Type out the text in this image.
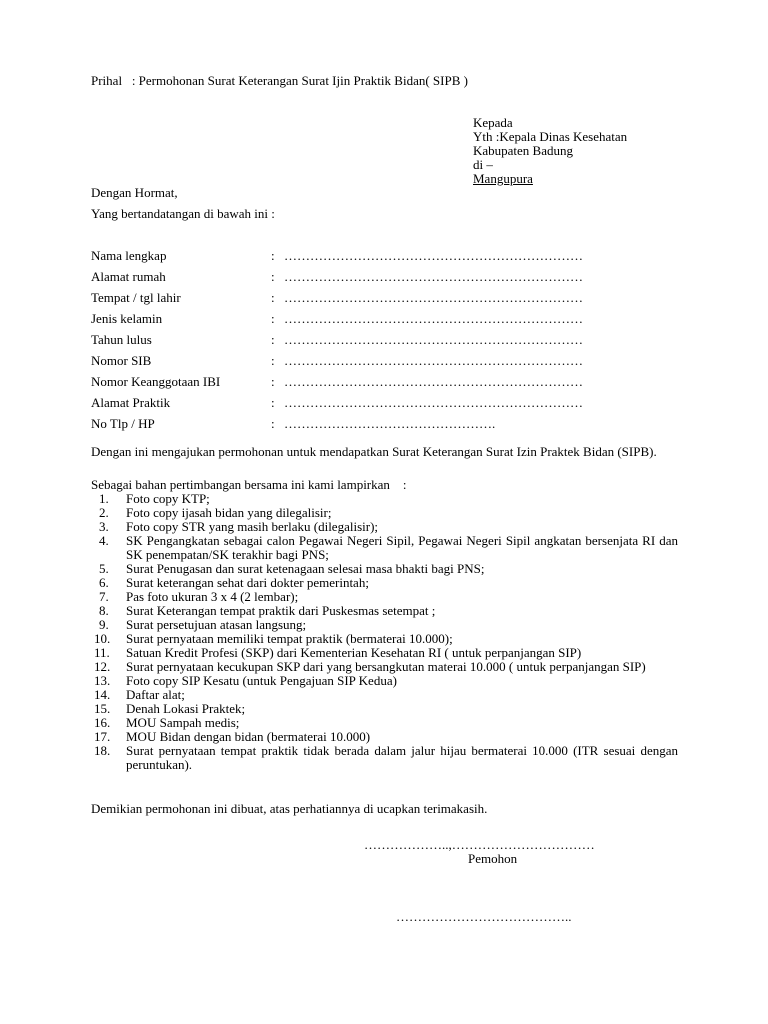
Prihal : Permohonan Surat Keterangan Surat Ijin Praktik Bidan( SIPB )
Kepada
Yth :Kepala Dinas Kesehatan
Kabupaten Badung
di –
Mangupura
Dengan Hormat,
Yang bertandatangan di bawah ini :
Nama lengkap	: ……………………………………………………………
Alamat rumah	: ……………………………………………………………
Tempat / tgl lahir	: ……………………………………………………………
Jenis kelamin	: ……………………………………………………………
Tahun lulus	: ……………………………………………………………
Nomor SIB	: ……………………………………………………………
Nomor Keanggotaan IBI	: ……………………………………………………………
Alamat Praktik	: ……………………………………………………………
No Tlp / HP	: ………………………………………….
Dengan ini mengajukan permohonan untuk mendapatkan Surat Keterangan Surat Izin Praktek Bidan (SIPB).
Sebagai bahan pertimbangan bersama ini kami lampirkan    :
1. Foto copy KTP;
2. Foto copy ijasah bidan yang dilegalisir;
3. Foto copy STR yang masih berlaku (dilegalisir);
4. SK Pengangkatan sebagai calon Pegawai Negeri Sipil, Pegawai Negeri Sipil angkatan bersenjata RI dan SK penempatan/SK terakhir bagi PNS;
5. Surat Penugasan dan surat ketenagaan selesai masa bhakti bagi PNS;
6. Surat keterangan sehat dari dokter pemerintah;
7. Pas foto ukuran 3 x 4 (2 lembar);
8. Surat Keterangan tempat praktik dari Puskesmas setempat ;
9. Surat persetujuan atasan langsung;
10. Surat pernyataan memiliki tempat praktik (bermaterai 10.000);
11. Satuan Kredit Profesi (SKP) dari Kementerian Kesehatan RI ( untuk perpanjangan SIP)
12. Surat pernyataan kecukupan SKP dari yang bersangkutan materai 10.000 ( untuk perpanjangan SIP)
13. Foto copy SIP Kesatu (untuk Pengajuan SIP Kedua)
14. Daftar alat;
15. Denah Lokasi Praktek;
16. MOU Sampah medis;
17. MOU Bidan dengan bidan (bermaterai 10.000)
18. Surat pernyataan tempat praktik tidak berada dalam jalur hijau bermaterai 10.000 (ITR sesuai dengan peruntukan).
Demikian permohonan ini dibuat, atas perhatiannya di ucapkan terimakasih.
………………..,……………………………
Pemohon
…………………………………..
